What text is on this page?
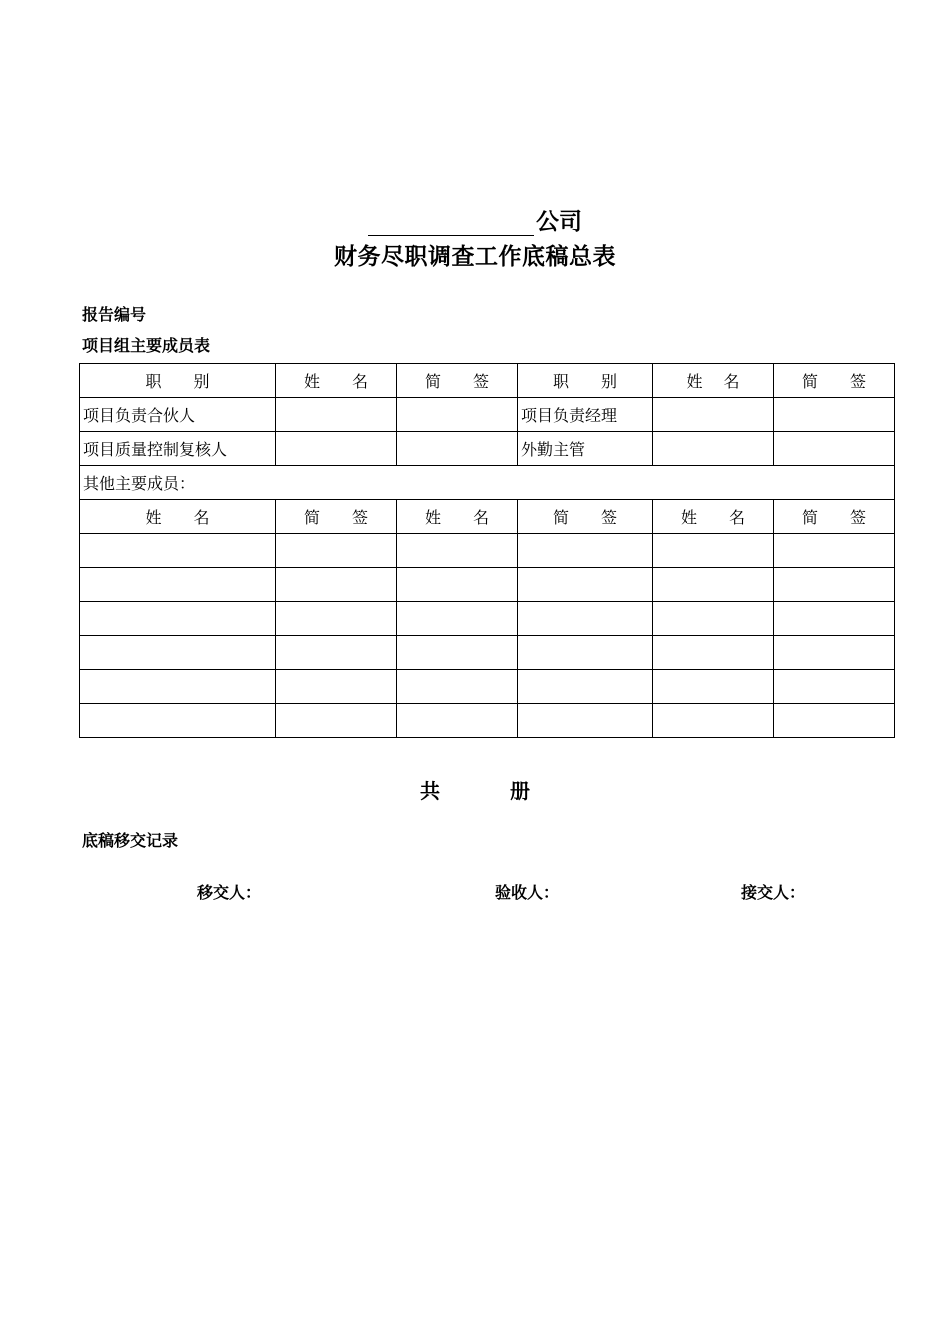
公司
财务尽职调查工作底稿总表
报告编号
项目组主要成员表
职　　别	姓　　名	简　　签	职　　别	姓　 名	简　　签
项目负责合伙人			项目负责经理		
项目质量控制复核人			外勤主管		
其他主要成员：					
姓　　名	简　　签	姓　　名	简　　签	姓　　名	简　　签

共	册
底稿移交记录
移交人：	验收人：	接交人：
